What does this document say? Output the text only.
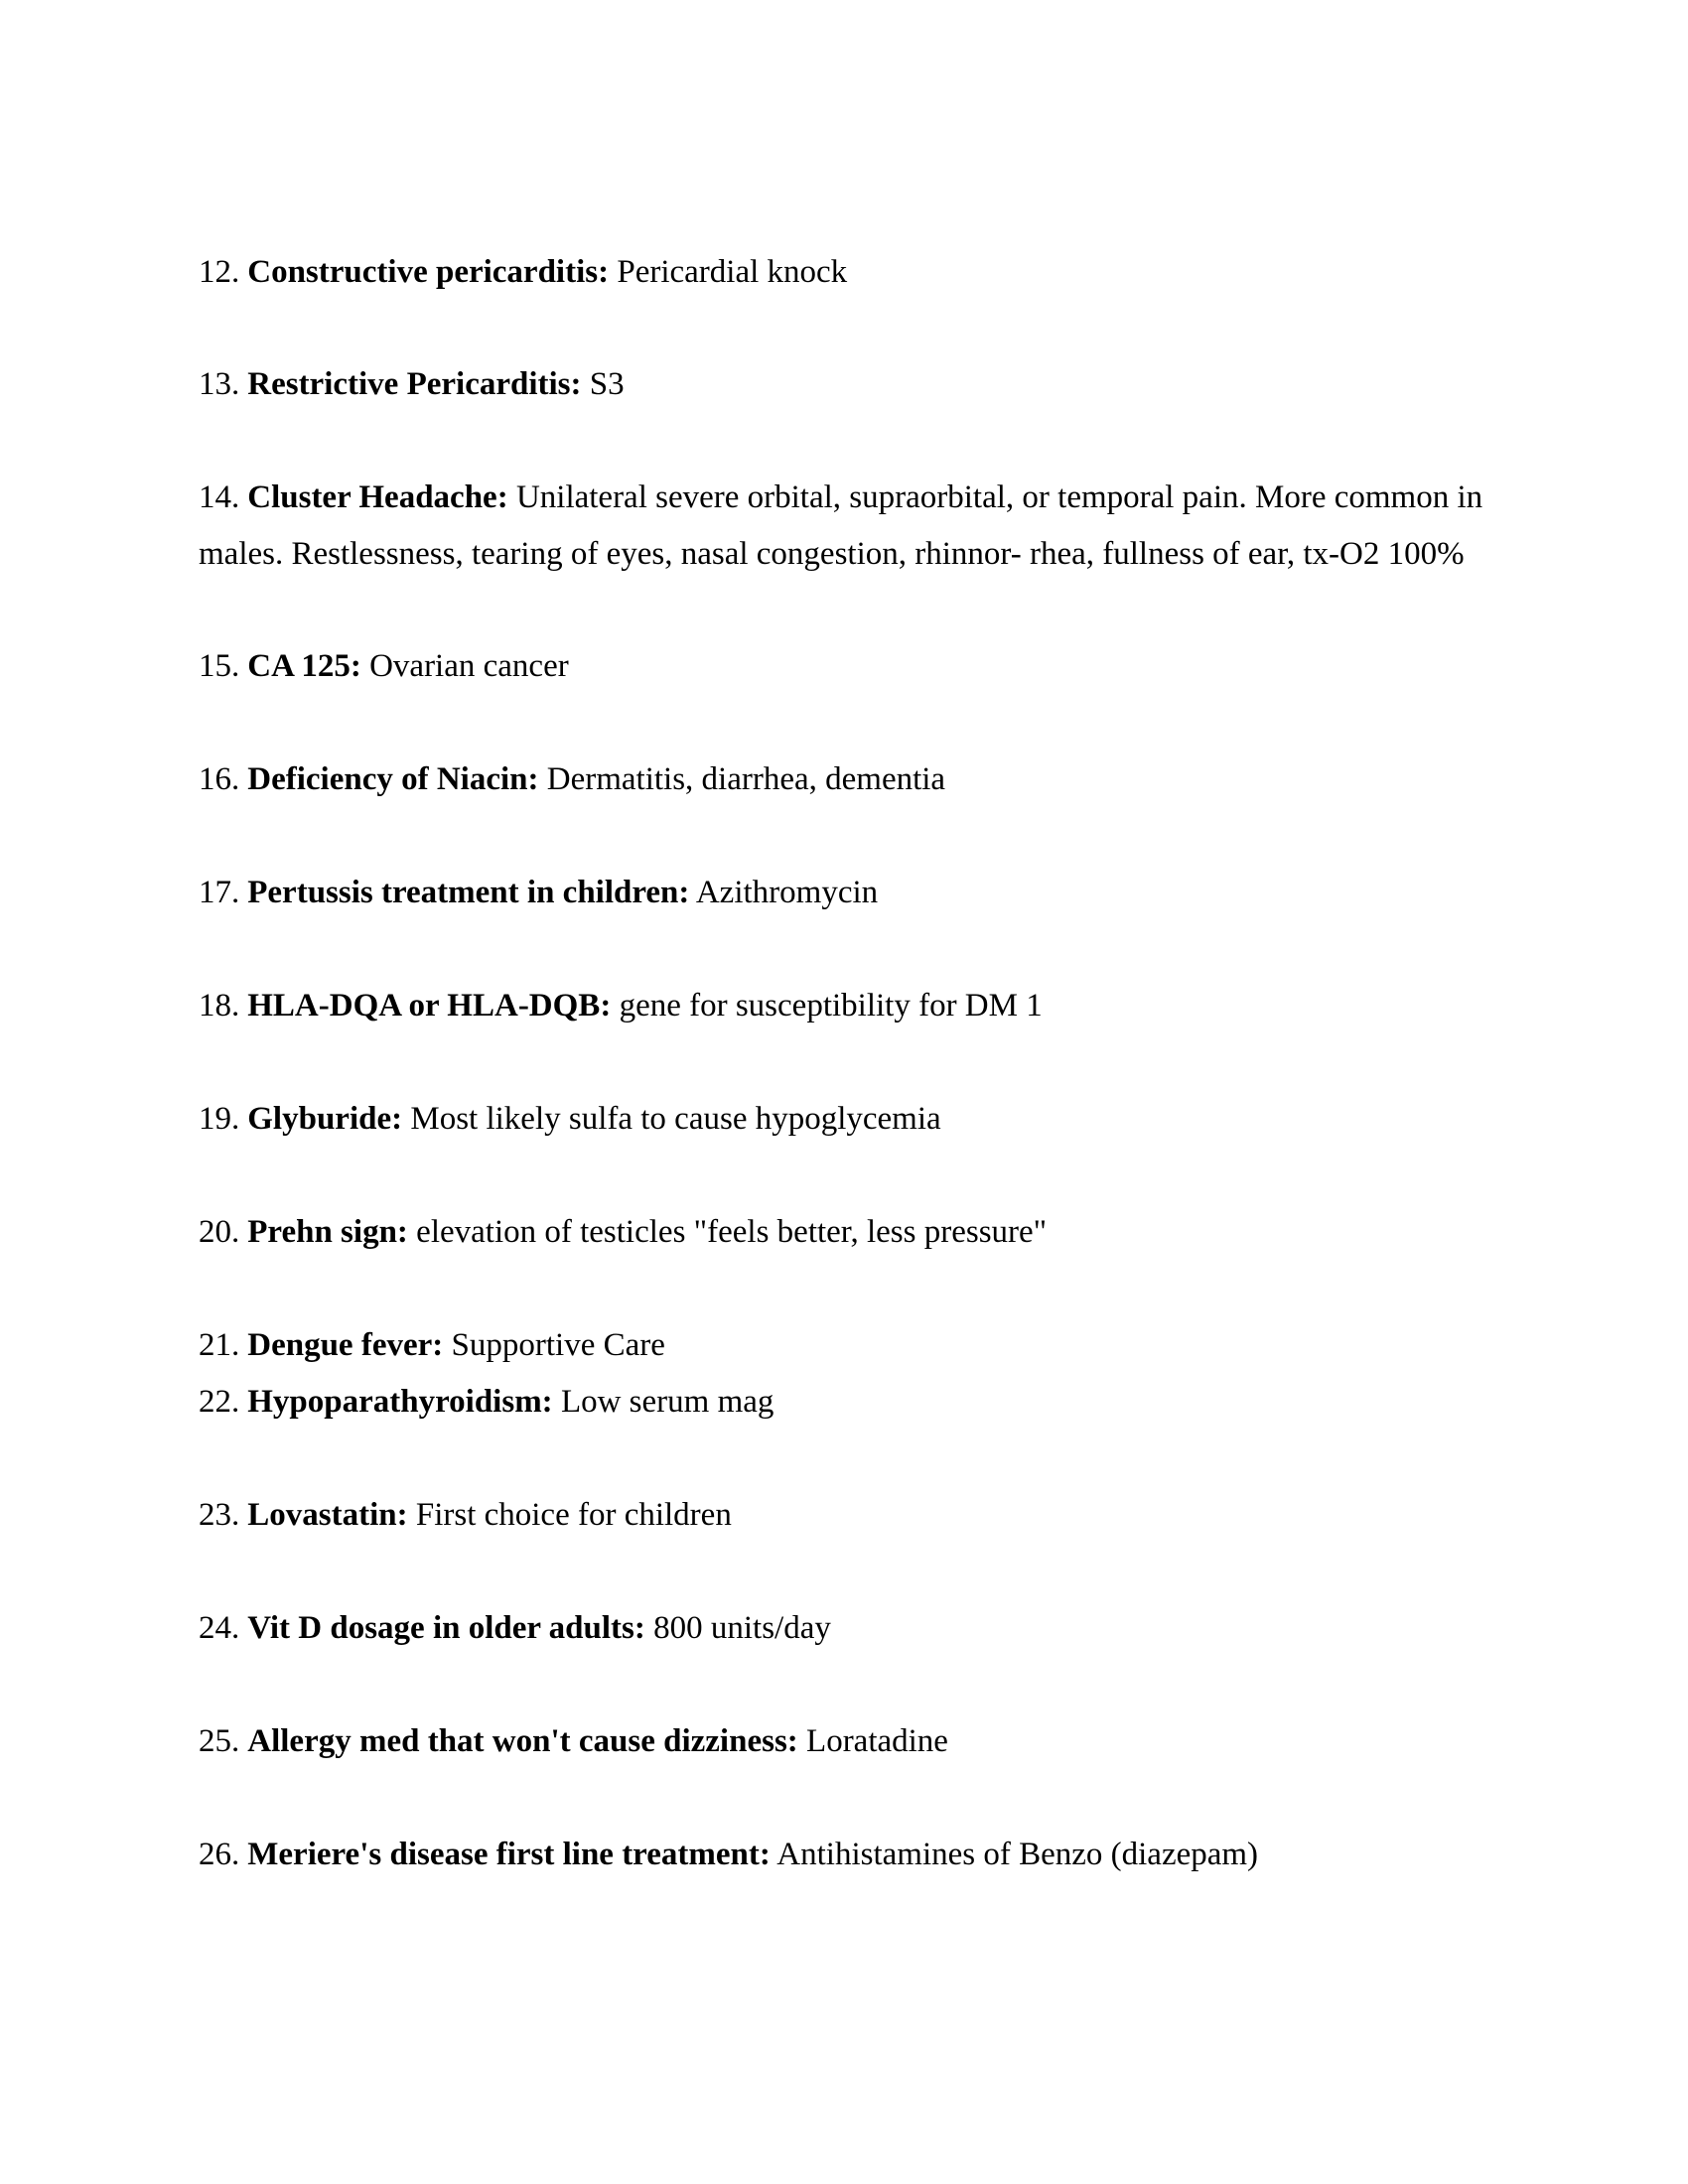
12. Constructive pericarditis: Pericardial knock
13. Restrictive Pericarditis: S3
14. Cluster Headache: Unilateral severe orbital, supraorbital, or temporal pain. More common in males. Restlessness, tearing of eyes, nasal congestion, rhinnor- rhea, fullness of ear, tx-O2 100%
15. CA 125: Ovarian cancer
16. Deficiency of Niacin: Dermatitis, diarrhea, dementia
17. Pertussis treatment in children: Azithromycin
18. HLA-DQA or HLA-DQB: gene for susceptibility for DM 1
19. Glyburide: Most likely sulfa to cause hypoglycemia
20. Prehn sign: elevation of testicles "feels better, less pressure"
21. Dengue fever: Supportive Care
22. Hypoparathyroidism: Low serum mag
23. Lovastatin: First choice for children
24. Vit D dosage in older adults: 800 units/day
25. Allergy med that won't cause dizziness: Loratadine
26. Meriere's disease first line treatment: Antihistamines of Benzo (diazepam)
